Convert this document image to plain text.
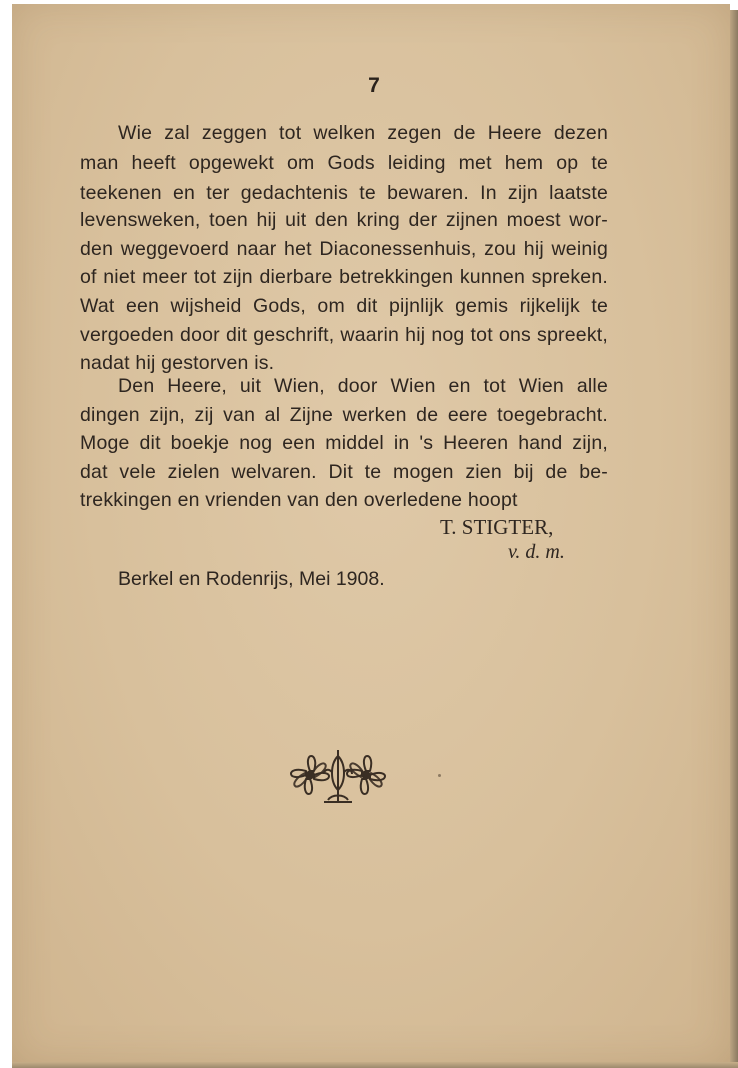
7
Wie zal zeggen tot welken zegen de Heere dezen
man heeft opgewekt om Gods leiding met hem op te
teekenen en ter gedachtenis te bewaren. In zijn laatste
levensweken, toen hij uit den kring der zijnen moest wor-
den weggevoerd naar het Diaconessenhuis, zou hij weinig
of niet meer tot zijn dierbare betrekkingen kunnen spreken.
Wat een wijsheid Gods, om dit pijnlijk gemis rijkelijk te
vergoeden door dit geschrift, waarin hij nog tot ons spreekt,
nadat hij gestorven is.
Den Heere, uit Wien, door Wien en tot Wien alle
dingen zijn, zij van al Zijne werken de eere toegebracht.
Moge dit boekje nog een middel in 's Heeren hand zijn,
dat vele zielen welvaren. Dit te mogen zien bij de be-
trekkingen en vrienden van den overledene hoopt
T. STIGTER,
v. d. m.
Berkel en Rodenrijs, Mei 1908.
